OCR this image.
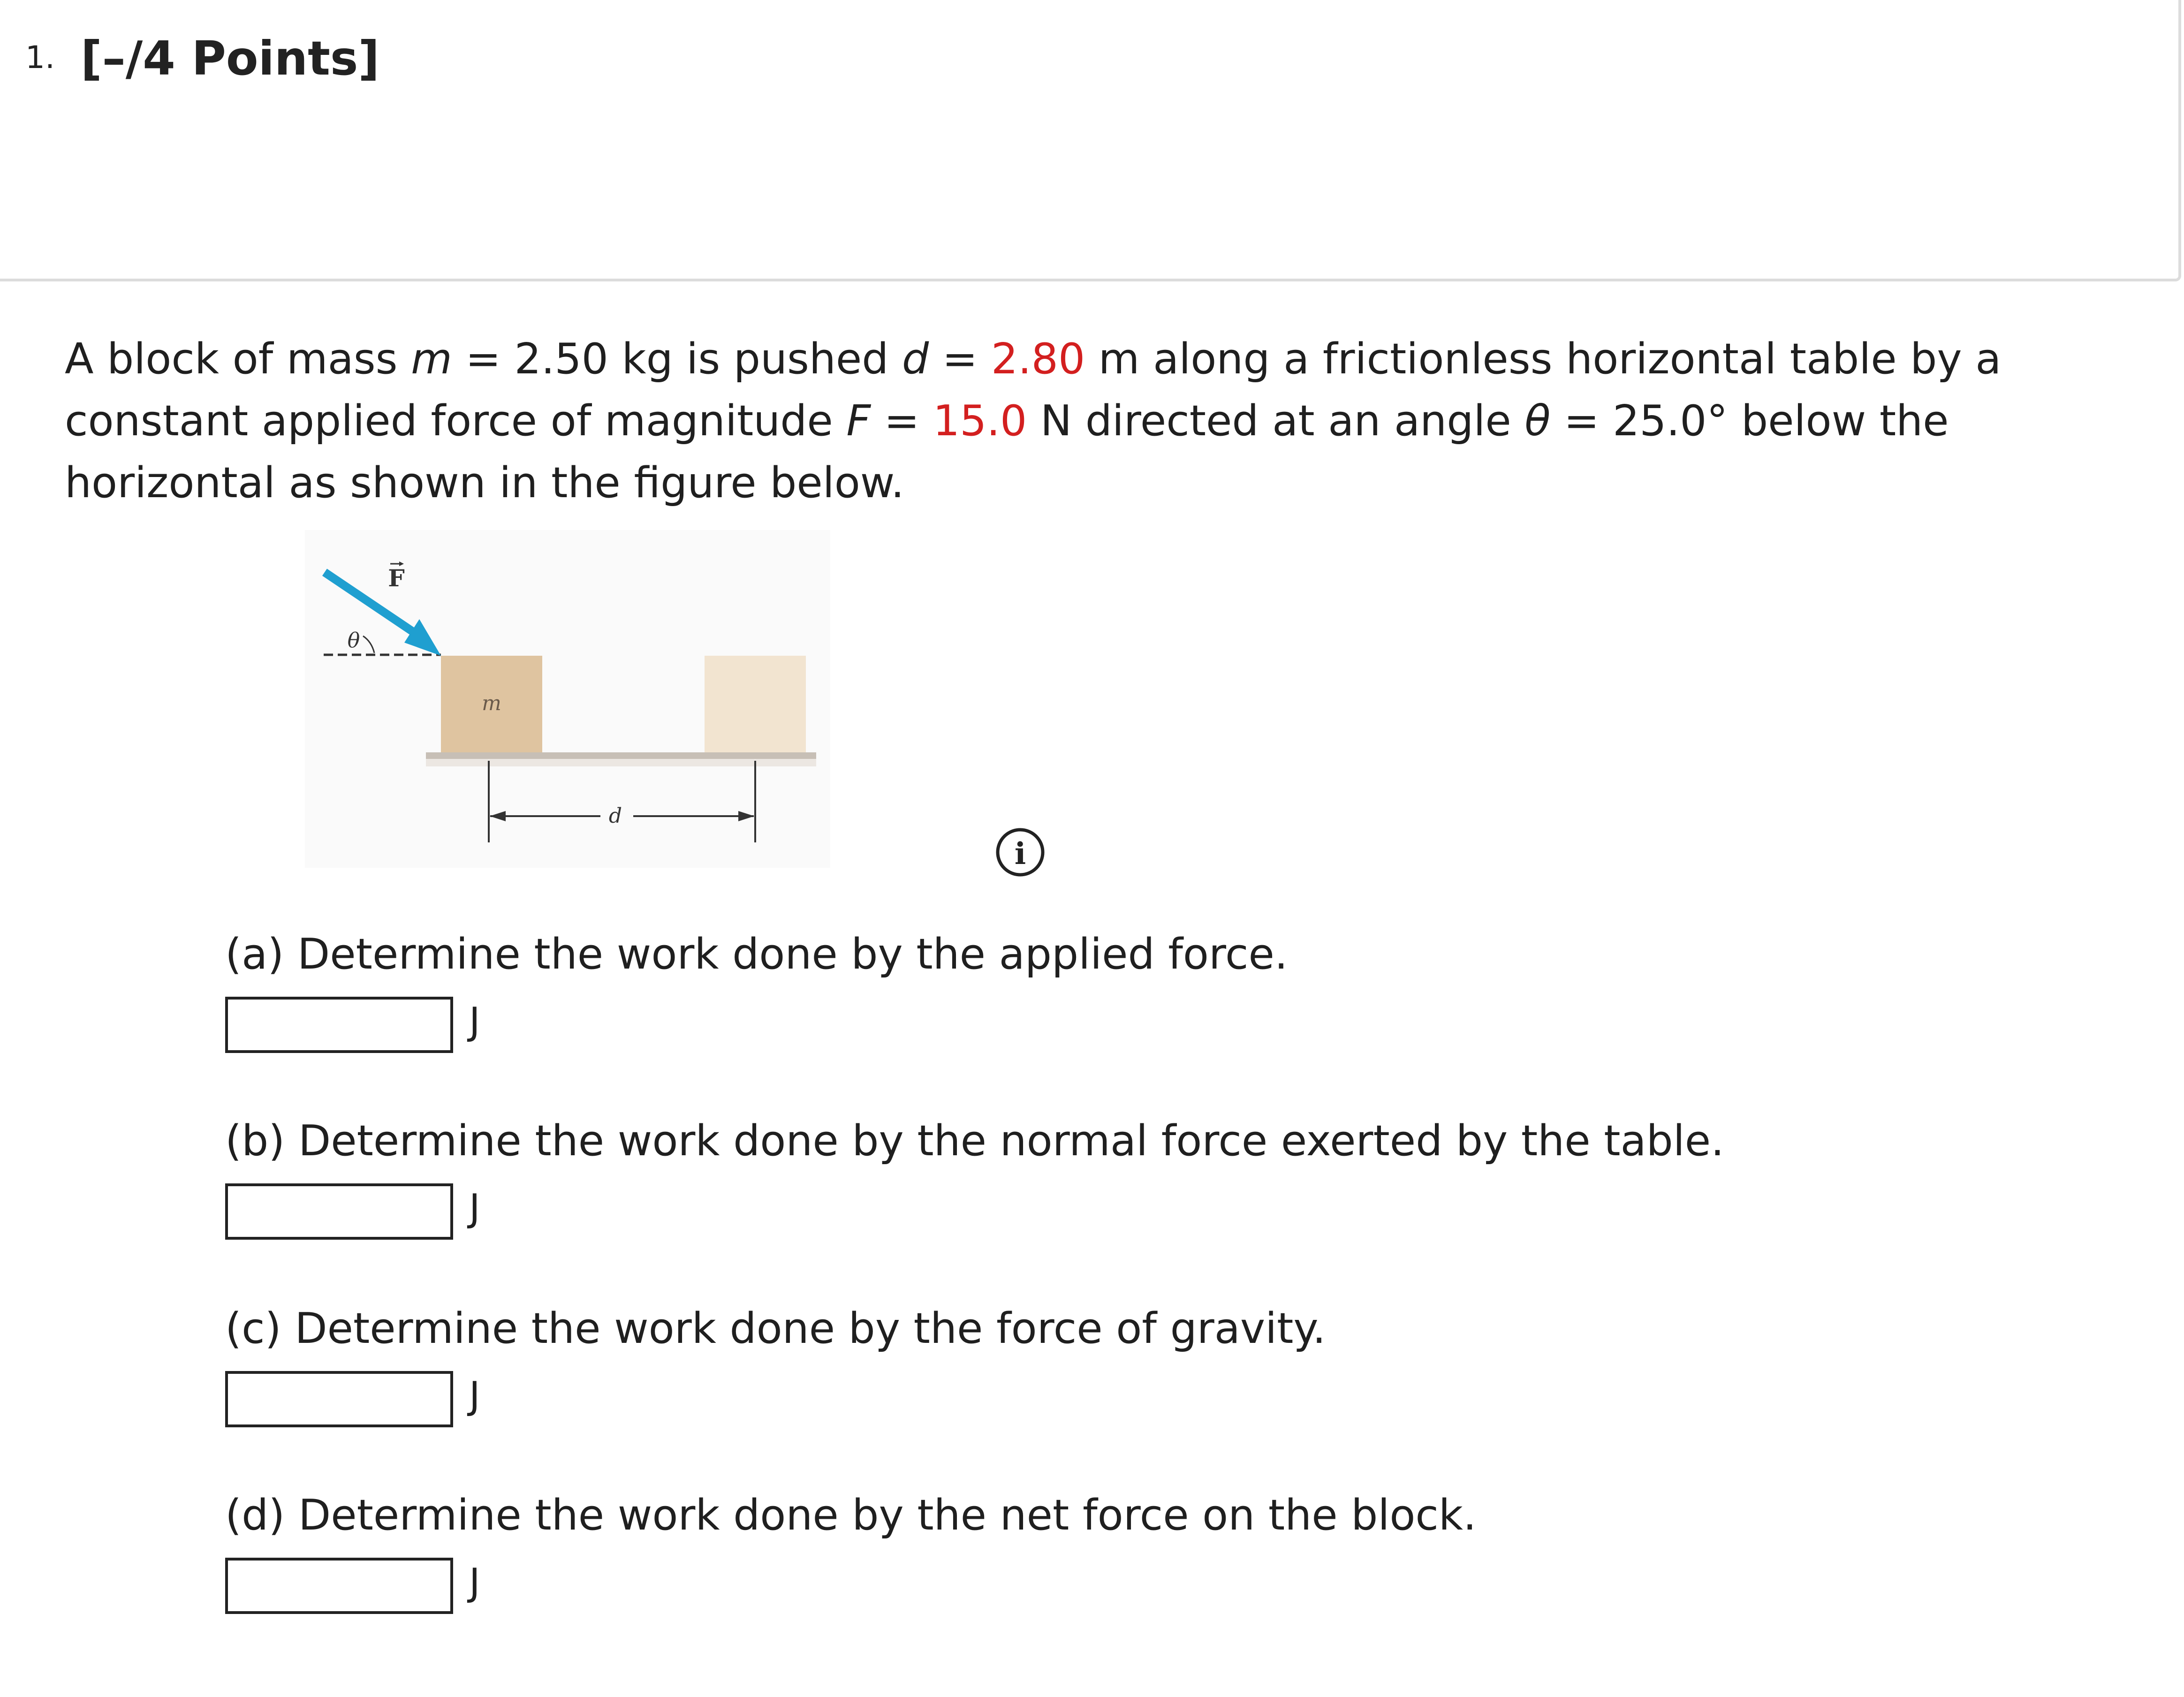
1. [–/4 Points]
A block of mass m = 2.50 kg is pushed d = 2.80 m along a frictionless horizontal table by a constant applied force of magnitude F = 15.0 N directed at an angle θ = 25.0° below the horizontal as shown in the figure below.
m
F
θ
d
i
(a) Determine the work done by the applied force.
J
(b) Determine the work done by the normal force exerted by the table.
J
(c) Determine the work done by the force of gravity.
J
(d) Determine the work done by the net force on the block.
J
